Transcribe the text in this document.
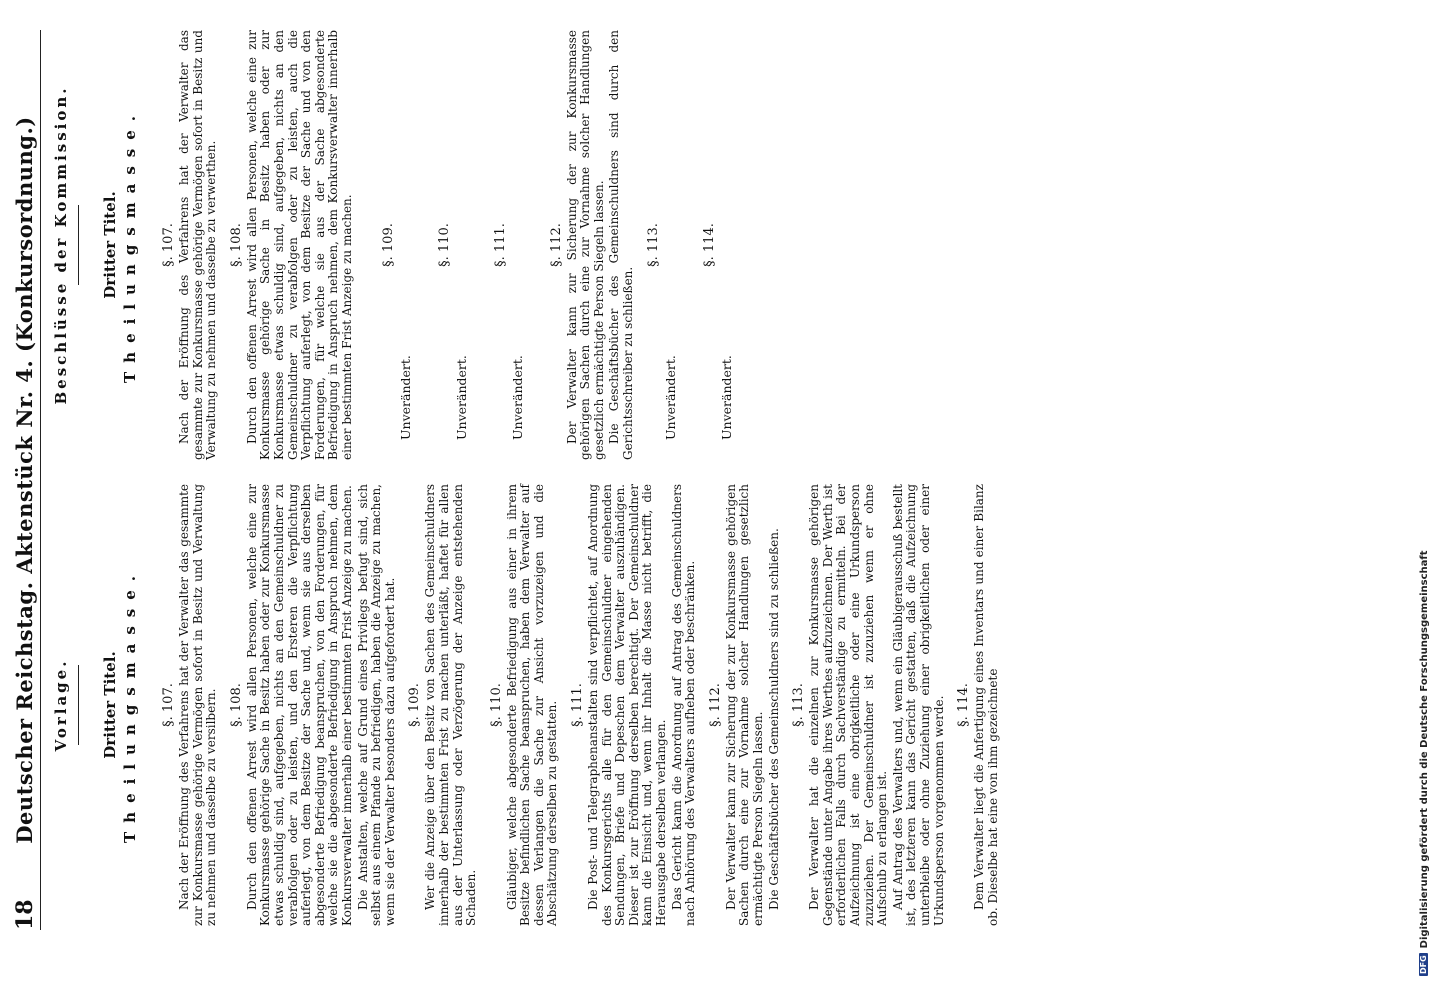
18
Deutscher Reichstag. Aktenstück Nr. 4. (Konkursordnung.) Vorlage. Dritter Titel. Theilungsmasse. §. 107. Nach der Eröffnung des Verfahrens hat der Verwalter das gesammte zur Konkursmasse gehörige Vermögen sofort in Besitz und Verwaltung zu nehmen und dasselbe zu versilbern. §. 108. Durch den offenen Arrest wird allen Personen, welche eine zur Konkursmasse gehörige Sache in Besitz haben oder zur Konkursmasse etwas schuldig sind, aufgegeben, nichts an den Gemeinschuldner zu verabfolgen oder zu leisten, und den Ersteren die Verpflichtung auferlegt, von dem Besitze der Sache und, wenn sie aus derselben abgesonderte Befriedigung beanspruchen, von den Forderungen, für welche sie die abgesonderte Befriedigung in Anspruch nehmen, dem Konkursverwalter innerhalb einer bestimmten Frist Anzeige zu machen. Die Anstalten, welche auf Grund eines Privilegs befugt sind, sich selbst aus einem Pfande zu befriedigen, haben die Anzeige zu machen, wenn sie der Verwalter besonders dazu aufgefordert hat. §. 109. Wer die Anzeige über den Besitz von Sachen des Gemeinschuldners innerhalb der bestimmten Frist zu machen unterläßt, haftet für allen aus der Unterlassung oder Verzögerung der Anzeige entstehenden Schaden.

§. 110. Gläubiger, welche abgesonderte Befriedigung aus einer in ihrem Besitze befindlichen Sache beanspruchen, haben dem Verwalter auf dessen Verlangen die Sache zur Ansicht vorzuzeigen und die Abschätzung derselben zu gestatten. §. 111. Die Post- und Telegraphenanstalten sind verpflichtet, auf Anordnung des Konkursgerichts alle für den Gemeinschuldner eingehenden Sendungen, Briefe und Depeschen dem Verwalter auszuhändigen. Dieser ist zur Eröffnung derselben berechtigt. Der Gemeinschuldner kann die Einsicht und, wenn ihr Inhalt die Masse nicht betrifft, die Herausgabe derselben verlangen. Das Gericht kann die Anordnung auf Antrag des Gemeinschuldners nach Anhörung des Verwalters aufheben oder beschränken. §. 112. Der Verwalter kann zur Sicherung der zur Konkursmasse gehörigen Sachen durch eine zur Vornahme solcher Handlungen gesetzlich ermächtigte Person Siegeln lassen. Die Geschäftsbücher des Gemeinschuldners sind zu schließen. §. 113. Der Verwalter hat die einzelnen zur Konkursmasse gehörigen Gegenstände unter Angabe ihres Werthes aufzuzeichnen. Der Werth ist erforderlichen Falls durch Sachverständige zu ermitteln. Bei der Aufzeichnung ist eine obrigkeitliche oder eine Urkundsperson zuzuziehen. Der Gemeinschuldner ist zuzuziehen wenn er ohne Aufschub zu erlangen ist. Auf Antrag des Verwalters und, wenn ein Gläubigerausschuß bestellt ist, des letzteren kann das Gericht gestatten, daß die Aufzeichnung unterbleibe oder ohne Zuziehung einer obrigkeitlichen oder einer Urkundsperson vorgenommen werde. §. 114. Dem Verwalter liegt die Anfertigung eines Inventars und einer Bilanz ob. Dieselbe hat eine von ihm gezeichnete

Beschlüsse der Kommission. Dritter Titel. Theilungsmasse. §. 107. Nach der Eröffnung des Verfahrens hat der Verwalter das gesammte zur Konkursmasse gehörige Vermögen sofort in Besitz und Verwaltung zu nehmen und dasselbe zu verwerthen. §. 108. Durch den offenen Arrest wird allen Personen, welche eine zur Konkursmasse gehörige Sache in Besitz haben oder zur Konkursmasse etwas schuldig sind, aufgegeben, nichts an den Gemeinschuldner zu verabfolgen oder zu leisten, auch die Verpflichtung auferlegt, von dem Besitze der Sache und von den Forderungen, für welche sie aus der Sache abgesonderte Befriedigung in Anspruch nehmen, dem Konkursverwalter innerhalb einer bestimmten Frist Anzeige zu machen. §. 109.
Unverändert.
§. 110.
Unverändert.
§. 111.
Unverändert.
§. 112. Der Verwalter kann zur Sicherung der zur Konkursmasse gehörigen Sachen durch eine zur Vornahme solcher Handlungen gesetzlich ermächtigte Person Siegeln lassen. Die Geschäftsbücher des Gemeinschuldners sind durch den Gerichtsschreiber zu schließen.

§. 113.
Unverändert.
§. 114.
Unverändert.
DFGDigitalisierung gefördert durch die Deutsche Forschungsgemeinschaft
